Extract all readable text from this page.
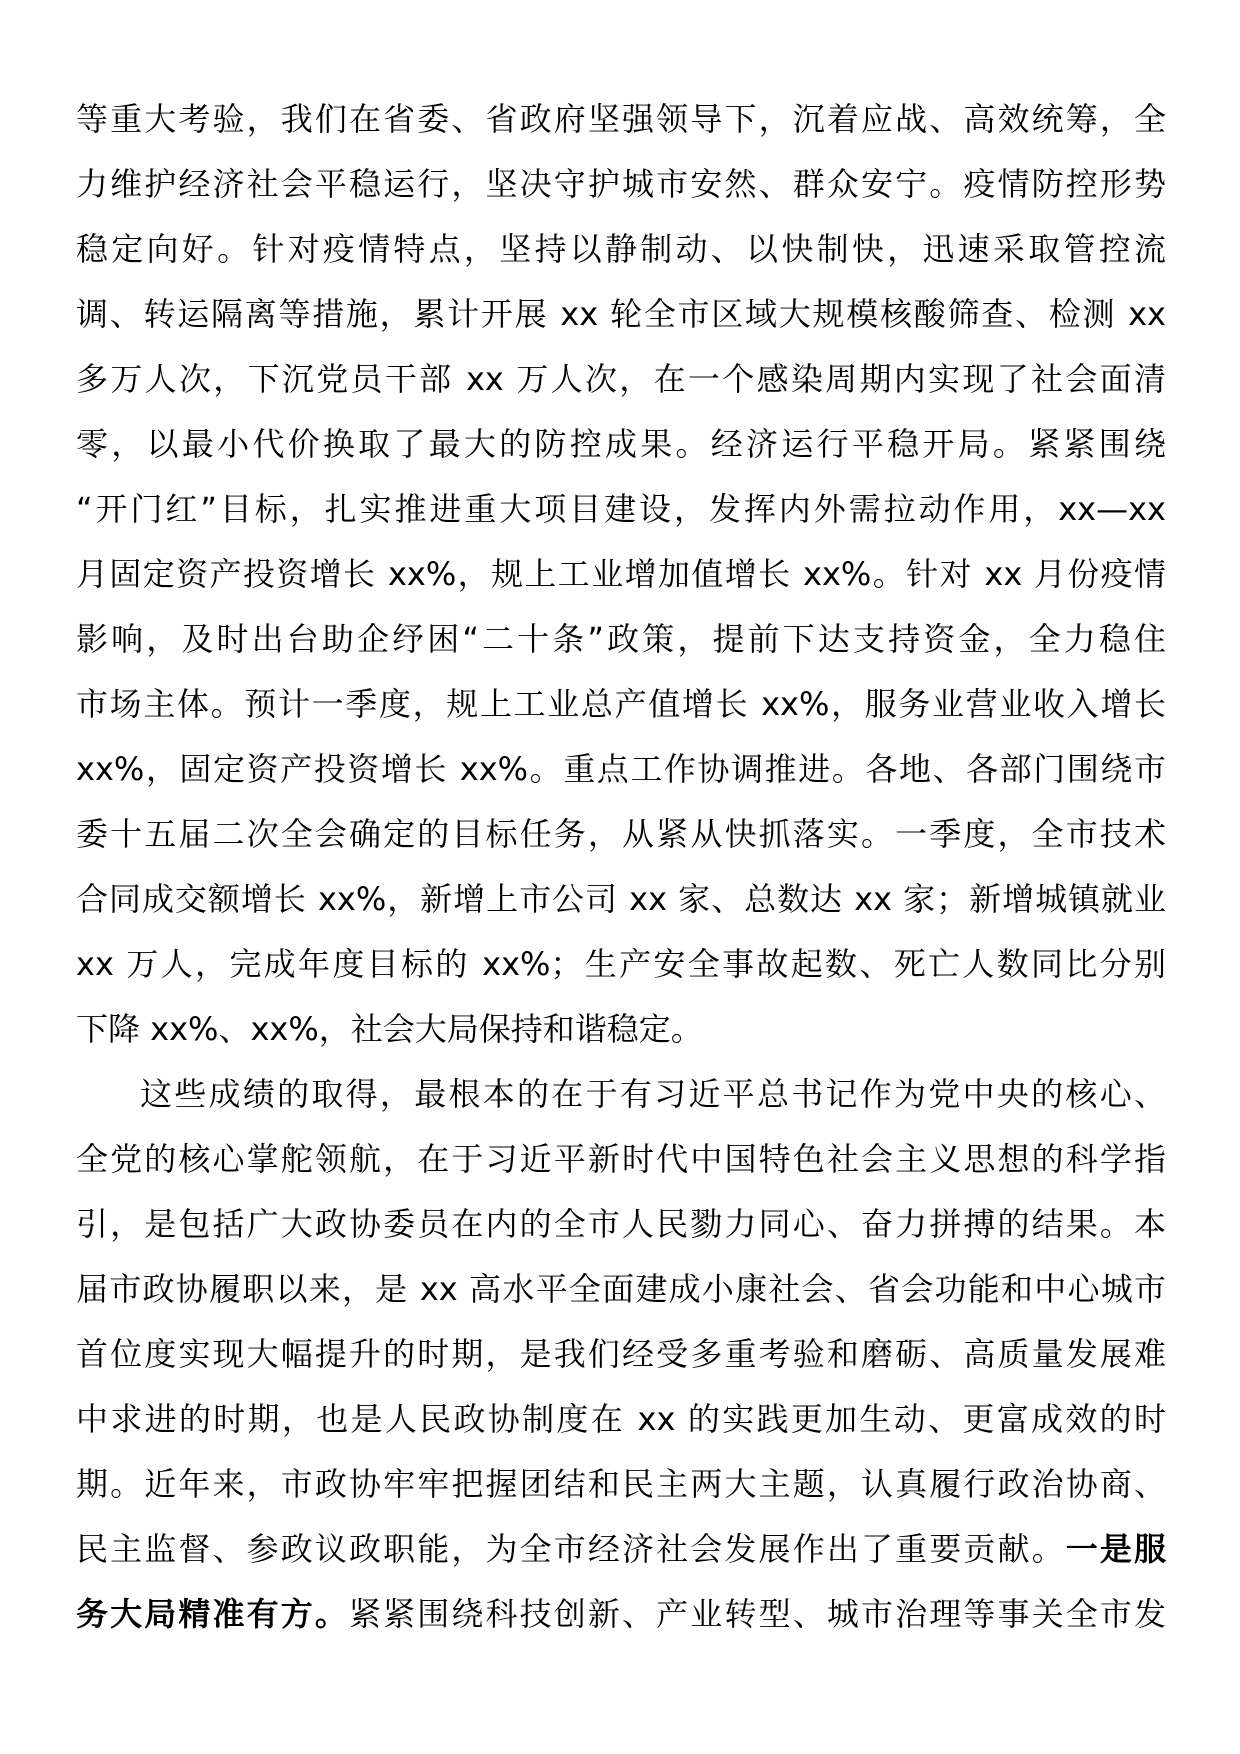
等重大考验，我们在省委、省政府坚强领导下，沉着应战、高效统筹，全
力维护经济社会平稳运行，坚决守护城市安然、群众安宁。疫情防控形势
稳定向好。针对疫情特点，坚持以静制动、以快制快，迅速采取管控流
调、转运隔离等措施，累计开展 xx 轮全市区域大规模核酸筛查、检测 xx
多万人次，下沉党员干部 xx 万人次，在一个感染周期内实现了社会面清
零，以最小代价换取了最大的防控成果。经济运行平稳开局。紧紧围绕
“开门红”目标，扎实推进重大项目建设，发挥内外需拉动作用，xx—xx
月固定资产投资增长 xx%，规上工业增加值增长 xx%。针对 xx 月份疫情
影响，及时出台助企纾困“二十条”政策，提前下达支持资金，全力稳住
市场主体。预计一季度，规上工业总产值增长 xx%，服务业营业收入增长
xx%，固定资产投资增长 xx%。重点工作协调推进。各地、各部门围绕市
委十五届二次全会确定的目标任务，从紧从快抓落实。一季度，全市技术
合同成交额增长 xx%，新增上市公司 xx 家、总数达 xx 家；新增城镇就业
xx 万人，完成年度目标的 xx%；生产安全事故起数、死亡人数同比分别
下降 xx%、xx%，社会大局保持和谐稳定。
这些成绩的取得，最根本的在于有习近平总书记作为党中央的核心、
全党的核心掌舵领航，在于习近平新时代中国特色社会主义思想的科学指
引，是包括广大政协委员在内的全市人民勠力同心、奋力拼搏的结果。本
届市政协履职以来，是 xx 高水平全面建成小康社会、省会功能和中心城市
首位度实现大幅提升的时期，是我们经受多重考验和磨砺、高质量发展难
中求进的时期，也是人民政协制度在 xx 的实践更加生动、更富成效的时
期。近年来，市政协牢牢把握团结和民主两大主题，认真履行政治协商、
民主监督、参政议政职能，为全市经济社会发展作出了重要贡献。一是服
务大局精准有方。紧紧围绕科技创新、产业转型、城市治理等事关全市发
